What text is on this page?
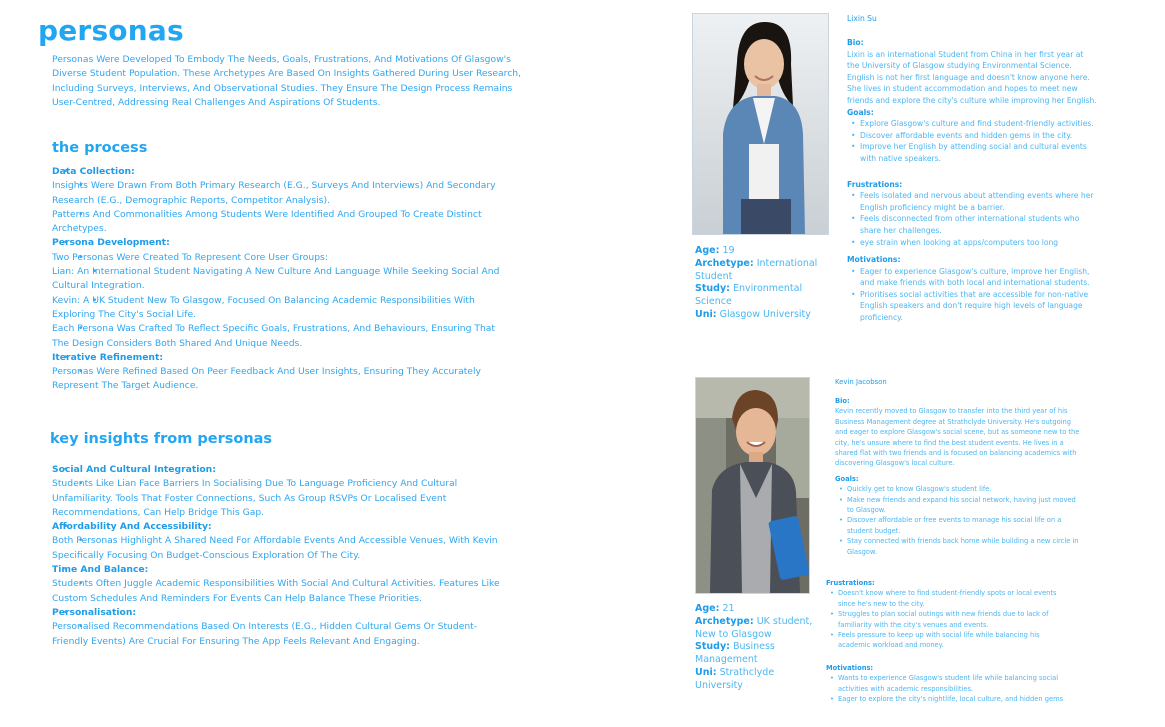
personas
Personas Were Developed To Embody The Needs, Goals, Frustrations, And Motivations Of Glasgow's Diverse Student Population. These Archetypes Are Based On Insights Gathered During User Research, Including Surveys, Interviews, And Observational Studies. They Ensure The Design Process Remains User-Centred, Addressing Real Challenges And Aspirations Of Students.
the process
• Data Collection:
• Insights Were Drawn From Both Primary Research (E.G., Surveys And Interviews) And Secondary Research (E.G., Demographic Reports, Competitor Analysis).
• Patterns And Commonalities Among Students Were Identified And Grouped To Create Distinct Archetypes.
• Persona Development:
• Two Personas Were Created To Represent Core User Groups:
• Lian: An International Student Navigating A New Culture And Language While Seeking Social And Cultural Integration.
• Kevin: A UK Student New To Glasgow, Focused On Balancing Academic Responsibilities With Exploring The City's Social Life.
• Each Persona Was Crafted To Reflect Specific Goals, Frustrations, And Behaviours, Ensuring That The Design Considers Both Shared And Unique Needs.
• Iterative Refinement:
• Personas Were Refined Based On Peer Feedback And User Insights, Ensuring They Accurately Represent The Target Audience.
key insights from personas
• Social And Cultural Integration:
• Students Like Lian Face Barriers In Socialising Due To Language Proficiency And Cultural Unfamiliarity. Tools That Foster Connections, Such As Group RSVPs Or Localised Event Recommendations, Can Help Bridge This Gap.
• Affordability And Accessibility:
• Both Personas Highlight A Shared Need For Affordable Events And Accessible Venues, With Kevin Specifically Focusing On Budget-Conscious Exploration Of The City.
• Time And Balance:
• Students Often Juggle Academic Responsibilities With Social And Cultural Activities. Features Like Custom Schedules And Reminders For Events Can Help Balance These Priorities.
• Personalisation:
• Personalised Recommendations Based On Interests (E.G., Hidden Cultural Gems Or Student-Friendly Events) Are Crucial For Ensuring The App Feels Relevant And Engaging.
Age: 19
Archetype: International Student
Study: Environmental Science
Uni: Glasgow University
Lixin Su
Bio:
Lixin is an international Student from China in her first year at the University of Glasgow studying Environmental Science. English is not her first language and doesn't know anyone here. She lives in student accommodation and hopes to meet new friends and explore the city's culture while improving her English.
Goals:
• Explore Glasgow's culture and find student-friendly activities.
• Discover affordable events and hidden gems in the city.
• Improve her English by attending social and cultural events with native speakers.
Frustrations:
• Feels isolated and nervous about attending events where her English proficiency might be a barrier.
• Feels disconnected from other international students who share her challenges.
• eye strain when looking at apps/computers too long
Motivations:
• Eager to experience Glasgow's culture, improve her English, and make friends with both local and international students.
• Prioritises social activities that are accessible for non-native English speakers and don't require high levels of language proficiency.
Age: 21
Archetype: UK student, New to Glasgow
Study: Business Management
Uni: Strathclyde University
Kevin Jacobson
Bio:
Kevin recently moved to Glasgow to transfer into the third year of his Business Management degree at Strathclyde University. He's outgoing and eager to explore Glasgow's social scene, but as someone new to the city, he's unsure where to find the best student events. He lives in a shared flat with two friends and is focused on balancing academics with discovering Glasgow's local culture.
Goals:
• Quickly get to know Glasgow's student life.
• Make new friends and expand his social network, having just moved to Glasgow.
• Discover affordable or free events to manage his social life on a student budget.
• Stay connected with friends back home while building a new circle in Glasgow.
Frustrations:
• Doesn't know where to find student-friendly spots or local events since he's new to the city.
• Struggles to plan social outings with new friends due to lack of familiarity with the city's venues and events.
• Feels pressure to keep up with social life while balancing his academic workload and money.
Motivations:
• Wants to experience Glasgow's student life while balancing social activities with academic responsibilities.
• Eager to explore the city's nightlife, local culture, and hidden gems
